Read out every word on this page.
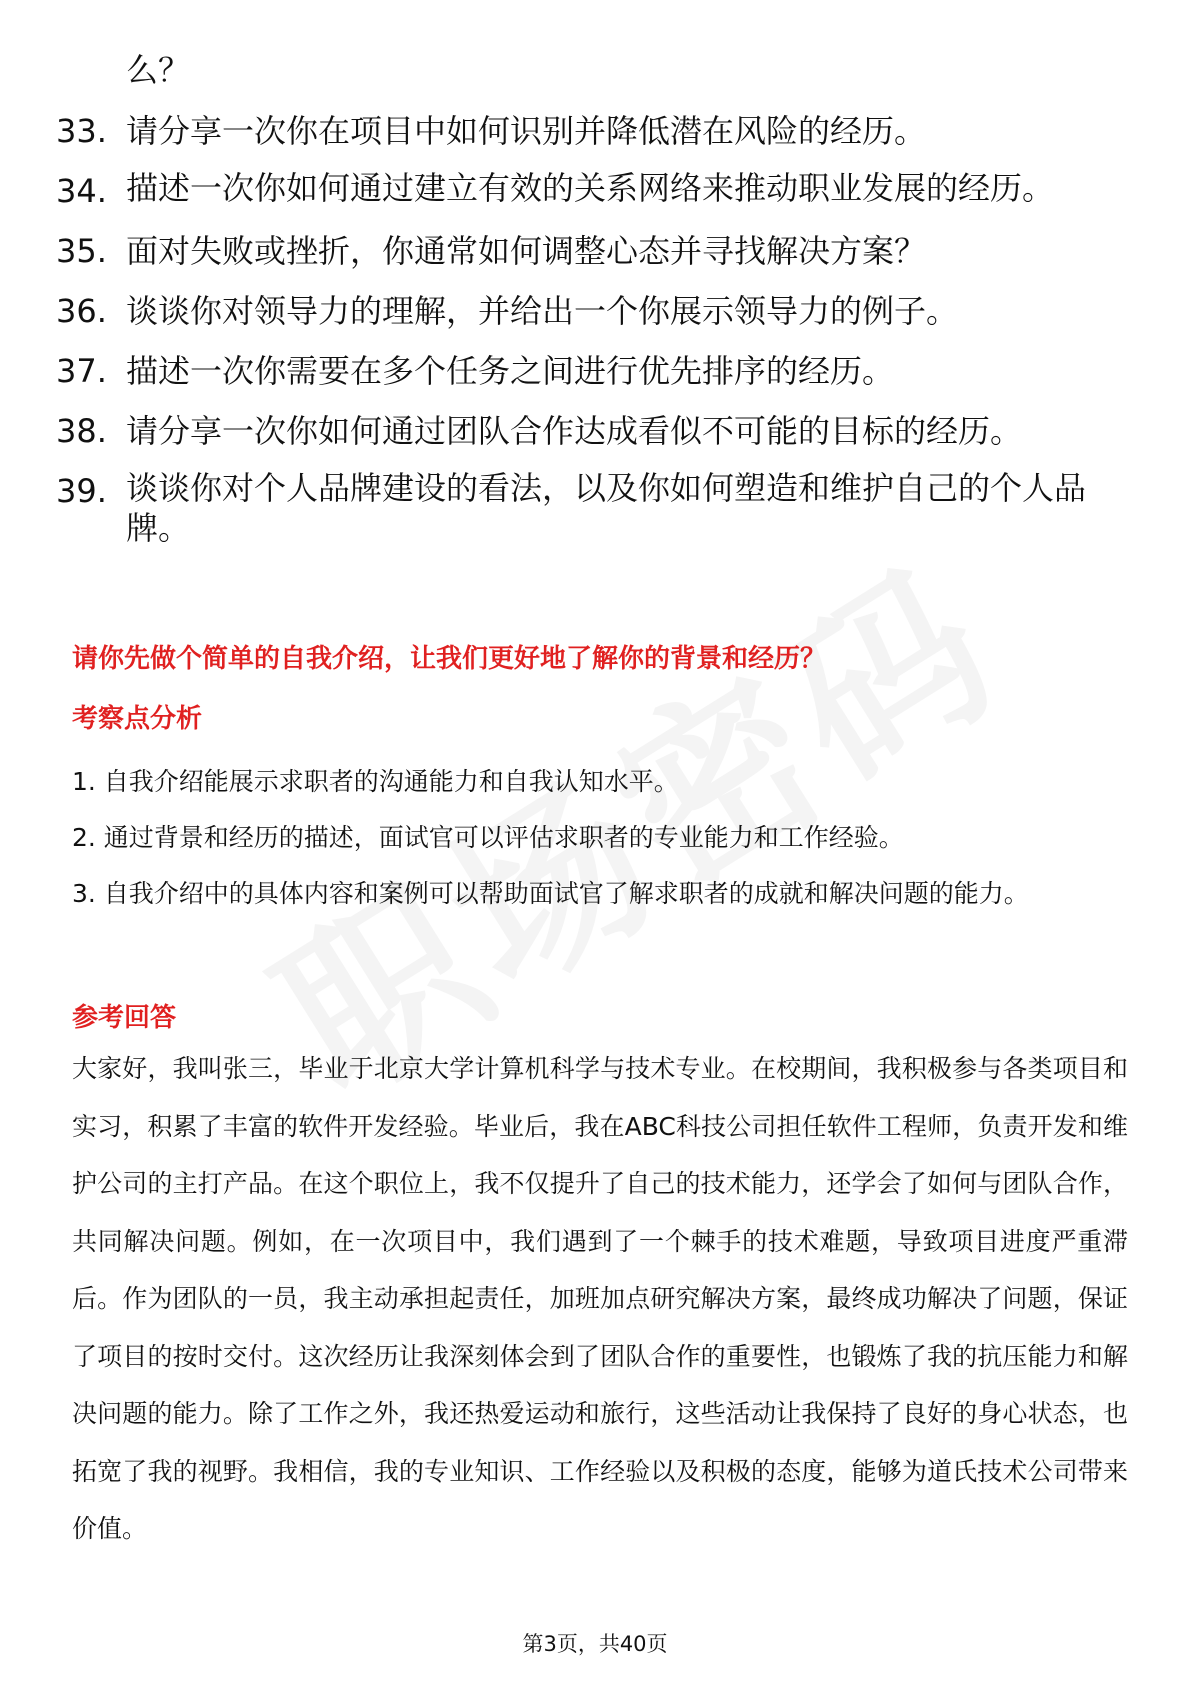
么？
33. 请分享一次你在项目中如何识别并降低潜在风险的经历。
34. 描述一次你如何通过建立有效的关系网络来推动职业发展的经历。
35. 面对失败或挫折，你通常如何调整心态并寻找解决方案？
36. 谈谈你对领导力的理解，并给出一个你展示领导力的例子。
37. 描述一次你需要在多个任务之间进行优先排序的经历。
38. 请分享一次你如何通过团队合作达成看似不可能的目标的经历。
39. 谈谈你对个人品牌建设的看法，以及你如何塑造和维护自己的个人品牌。
请你先做个简单的自我介绍，让我们更好地了解你的背景和经历？
考察点分析

1. 自我介绍能展示求职者的沟通能力和自我认知水平。

2. 通过背景和经历的描述，面试官可以评估求职者的专业能力和工作经验。

3. 自我介绍中的具体内容和案例可以帮助面试官了解求职者的成就和解决问题的能力。

参考回答
大家好，我叫张三，毕业于北京大学计算机科学与技术专业。在校期间，我积极参与各类项目和实习，积累了丰富的软件开发经验。毕业后，我在ABC科技公司担任软件工程师，负责开发和维护公司的主打产品。在这个职位上，我不仅提升了自己的技术能力，还学会了如何与团队合作，共同解决问题。例如，在一次项目中，我们遇到了一个棘手的技术难题，导致项目进度严重滞后。作为团队的一员，我主动承担起责任，加班加点研究解决方案，最终成功解决了问题，保证了项目的按时交付。这次经历让我深刻体会到了团队合作的重要性，也锻炼了我的抗压能力和解决问题的能力。除了工作之外，我还热爱运动和旅行，这些活动让我保持了良好的身心状态，也拓宽了我的视野。我相信，我的专业知识、工作经验以及积极的态度，能够为道氏技术公司带来价值。
第3页，共40页
